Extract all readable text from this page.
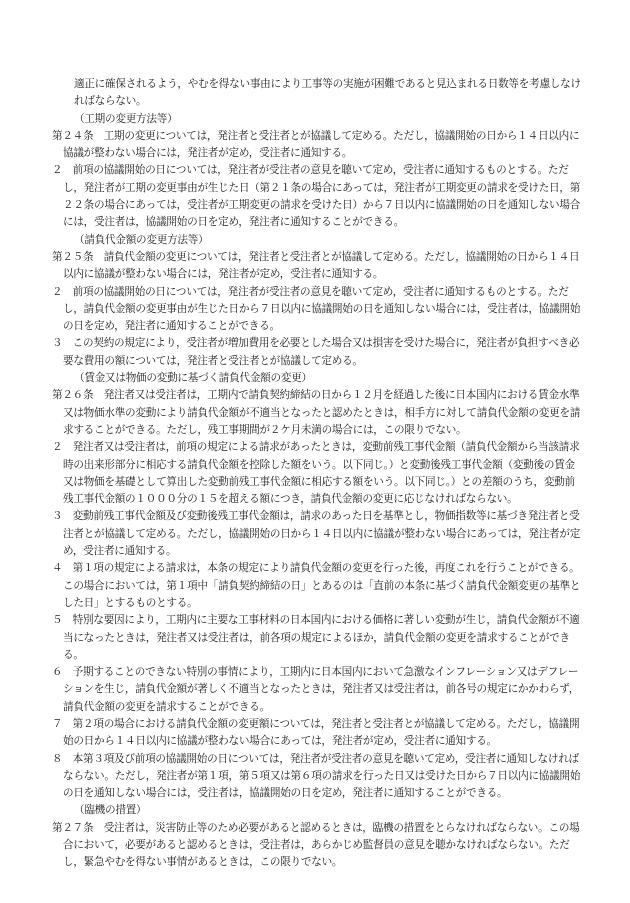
適正に確保されるよう，やむを得ない事由により工事等の実施が困難であると見込まれる日数等を考慮しなければならない。
（工期の変更方法等）
第２４条　工期の変更については，発注者と受注者とが協議して定める。ただし，協議開始の日から１４日以内に協議が整わない場合には，発注者が定め，受注者に通知する。
２　前項の協議開始の日については，発注者が受注者の意見を聴いて定め，受注者に通知するものとする。ただし，発注者が工期の変更事由が生じた日（第２１条の場合にあっては，発注者が工期変更の請求を受けた日，第２２条の場合にあっては，受注者が工期変更の請求を受けた日）から７日以内に協議開始の日を通知しない場合には，受注者は，協議開始の日を定め，発注者に通知することができる。
（請負代金額の変更方法等）
第２５条　請負代金額の変更については，発注者と受注者とが協議して定める。ただし，協議開始の日から１４日以内に協議が整わない場合には，発注者が定め，受注者に通知する。
２　前項の協議開始の日については，発注者が受注者の意見を聴いて定め，受注者に通知するものとする。ただし，請負代金額の変更事由が生じた日から７日以内に協議開始の日を通知しない場合には，受注者は，協議開始の日を定め，発注者に通知することができる。
３　この契約の規定により，受注者が増加費用を必要とした場合又は損害を受けた場合に，発注者が負担すべき必要な費用の額については，発注者と受注者とが協議して定める。
（賃金又は物価の変動に基づく請負代金額の変更）
第２６条　発注者又は受注者は，工期内で請負契約締結の日から１２月を経過した後に日本国内における賃金水準又は物価水準の変動により請負代金額が不適当となったと認めたときは，相手方に対して請負代金額の変更を請求することができる。ただし，残工事期間が２ケ月未満の場合には，この限りでない。
２　発注者又は受注者は，前項の規定による請求があったときは，変動前残工事代金額（請負代金額から当該請求時の出来形部分に相応する請負代金額を控除した額をいう。以下同じ。）と変動後残工事代金額（変動後の賃金又は物価を基礎として算出した変動前残工事代金額に相応する額をいう。以下同じ。）との差額のうち，変動前残工事代金額の１０００分の１５を超える額につき，請負代金額の変更に応じなければならない。
３　変動前残工事代金額及び変動後残工事代金額は，請求のあった日を基準とし，物価指数等に基づき発注者と受注者とが協議して定める。ただし，協議開始の日から１４日以内に協議が整わない場合にあっては，発注者が定め，受注者に通知する。
４　第１項の規定による請求は，本条の規定により請負代金額の変更を行った後，再度これを行うことができる。この場合においては，第１項中「請負契約締結の日」とあるのは「直前の本条に基づく請負代金額変更の基準とした日」とするものとする。
５　特別な要因により，工期内に主要な工事材料の日本国内における価格に著しい変動が生じ，請負代金額が不適当になったときは，発注者又は受注者は，前各項の規定によるほか，請負代金額の変更を請求することができる。
６　予期することのできない特別の事情により，工期内に日本国内において急激なインフレーション又はデフレーションを生じ，請負代金額が著しく不適当となったときは，発注者又は受注者は，前各号の規定にかかわらず，請負代金額の変更を請求することができる。
７　第２項の場合における請負代金額の変更額については，発注者と受注者とが協議して定める。ただし，協議開始の日から１４日以内に協議が整わない場合にあっては，発注者が定め，受注者に通知する。
８　本第３項及び前項の協議開始の日については，発注者が受注者の意見を聴いて定め，受注者に通知しなければならない。ただし，発注者が第１項，第５項又は第６項の請求を行った日又は受けた日から７日以内に協議開始の日を通知しない場合には，受注者は，協議開始の日を定め，発注者に通知することができる。
（臨機の措置）
第２７条　受注者は，災害防止等のため必要があると認めるときは，臨機の措置をとらなければならない。この場合において，必要があると認めるときは，受注者は，あらかじめ監督員の意見を聴かなければならない。ただし，緊急やむを得ない事情があるときは，この限りでない。
